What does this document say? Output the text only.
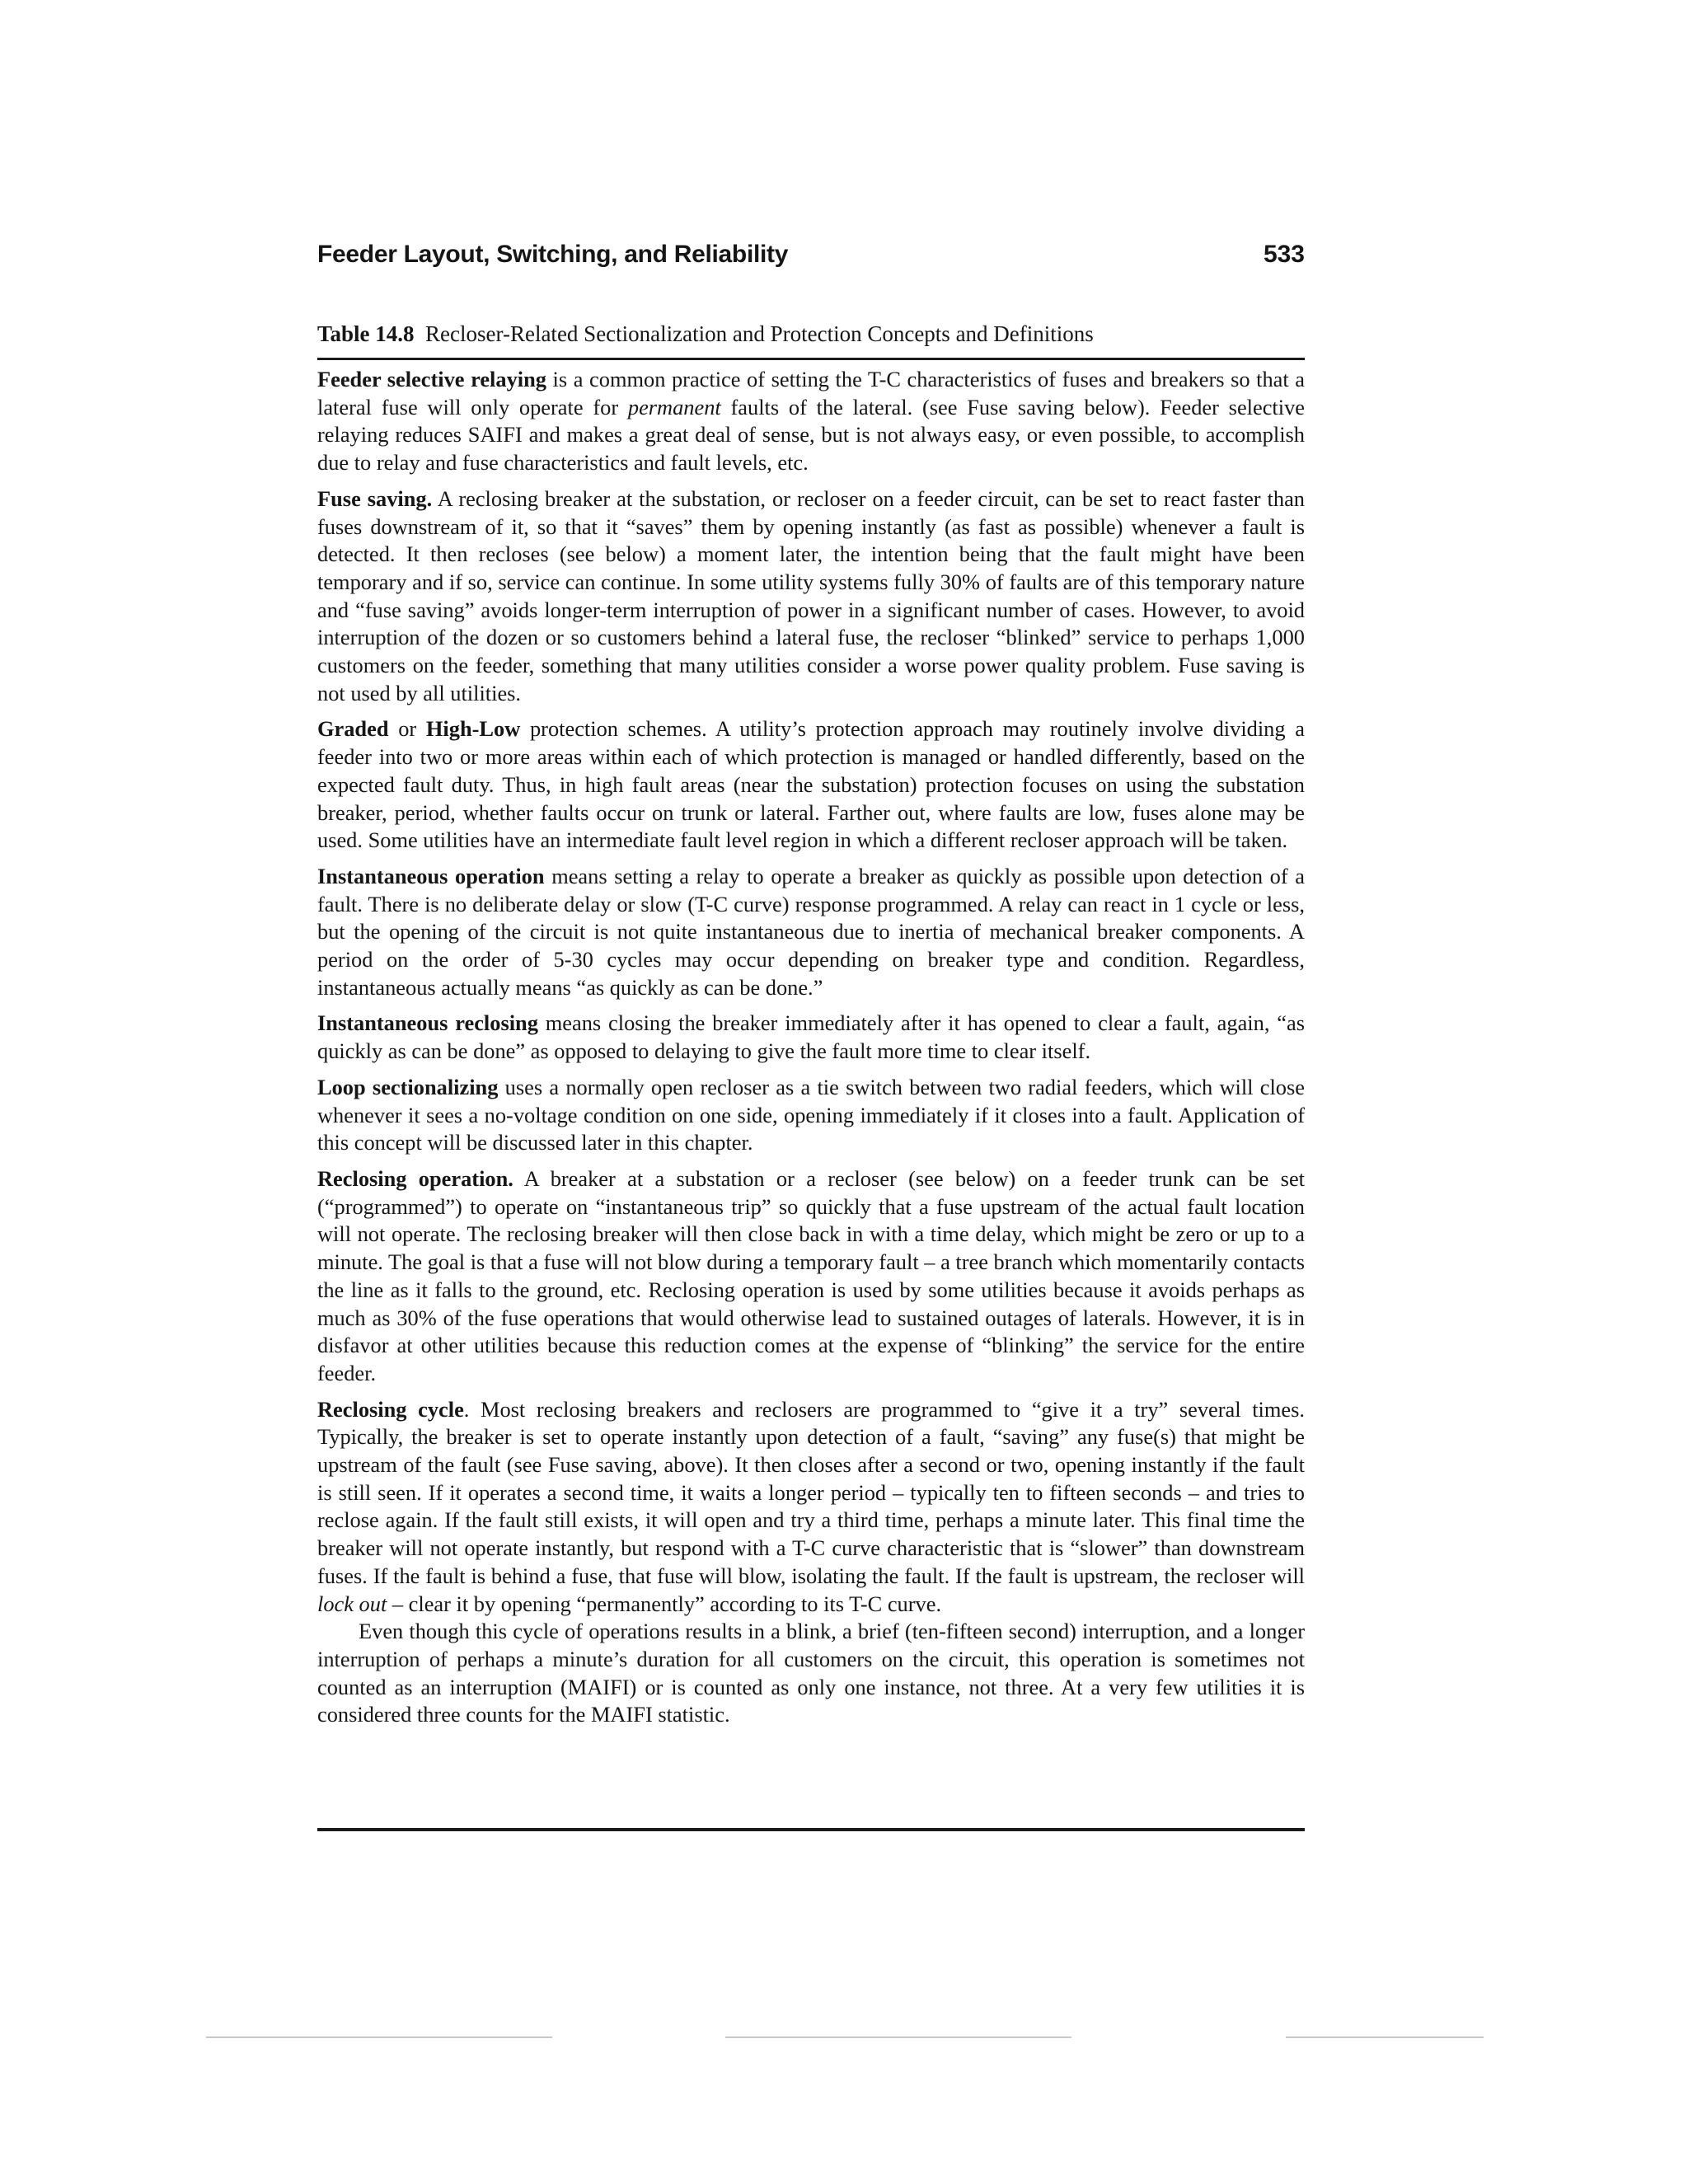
Feeder Layout, Switching, and Reliability	533
Table 14.8 Recloser-Related Sectionalization and Protection Concepts and Definitions

Feeder selective relaying is a common practice of setting the T-C characteristics of fuses and breakers so that a lateral fuse will only operate for permanent faults of the lateral. (see Fuse saving below). Feeder selective relaying reduces SAIFI and makes a great deal of sense, but is not always easy, or even possible, to accomplish due to relay and fuse characteristics and fault levels, etc.

Fuse saving. A reclosing breaker at the substation, or recloser on a feeder circuit, can be set to react faster than fuses downstream of it, so that it “saves” them by opening instantly (as fast as possible) whenever a fault is detected. It then recloses (see below) a moment later, the intention being that the fault might have been temporary and if so, service can continue. In some utility systems fully 30% of faults are of this temporary nature and “fuse saving” avoids longer-term interruption of power in a significant number of cases. However, to avoid interruption of the dozen or so customers behind a lateral fuse, the recloser “blinked” service to perhaps 1,000 customers on the feeder, something that many utilities consider a worse power quality problem. Fuse saving is not used by all utilities.

Graded or High-Low protection schemes. A utility’s protection approach may routinely involve dividing a feeder into two or more areas within each of which protection is managed or handled differently, based on the expected fault duty. Thus, in high fault areas (near the substation) protection focuses on using the substation breaker, period, whether faults occur on trunk or lateral. Farther out, where faults are low, fuses alone may be used. Some utilities have an intermediate fault level region in which a different recloser approach will be taken.

Instantaneous operation means setting a relay to operate a breaker as quickly as possible upon detection of a fault. There is no deliberate delay or slow (T-C curve) response programmed. A relay can react in 1 cycle or less, but the opening of the circuit is not quite instantaneous due to inertia of mechanical breaker components. A period on the order of 5-30 cycles may occur depending on breaker type and condition. Regardless, instantaneous actually means “as quickly as can be done.”

Instantaneous reclosing means closing the breaker immediately after it has opened to clear a fault, again, “as quickly as can be done” as opposed to delaying to give the fault more time to clear itself.

Loop sectionalizing uses a normally open recloser as a tie switch between two radial feeders, which will close whenever it sees a no-voltage condition on one side, opening immediately if it closes into a fault. Application of this concept will be discussed later in this chapter.

Reclosing operation. A breaker at a substation or a recloser (see below) on a feeder trunk can be set (“programmed”) to operate on “instantaneous trip” so quickly that a fuse upstream of the actual fault location will not operate. The reclosing breaker will then close back in with a time delay, which might be zero or up to a minute. The goal is that a fuse will not blow during a temporary fault – a tree branch which momentarily contacts the line as it falls to the ground, etc. Reclosing operation is used by some utilities because it avoids perhaps as much as 30% of the fuse operations that would otherwise lead to sustained outages of laterals. However, it is in disfavor at other utilities because this reduction comes at the expense of “blinking” the service for the entire feeder.

Reclosing cycle. Most reclosing breakers and reclosers are programmed to “give it a try” several times. Typically, the breaker is set to operate instantly upon detection of a fault, “saving” any fuse(s) that might be upstream of the fault (see Fuse saving, above). It then closes after a second or two, opening instantly if the fault is still seen. If it operates a second time, it waits a longer period – typically ten to fifteen seconds – and tries to reclose again. If the fault still exists, it will open and try a third time, perhaps a minute later. This final time the breaker will not operate instantly, but respond with a T-C curve characteristic that is “slower” than downstream fuses. If the fault is behind a fuse, that fuse will blow, isolating the fault. If the fault is upstream, the recloser will lock out – clear it by opening “permanently” according to its T-C curve.

Even though this cycle of operations results in a blink, a brief (ten-fifteen second) interruption, and a longer interruption of perhaps a minute’s duration for all customers on the circuit, this operation is sometimes not counted as an interruption (MAIFI) or is counted as only one instance, not three. At a very few utilities it is considered three counts for the MAIFI statistic.
